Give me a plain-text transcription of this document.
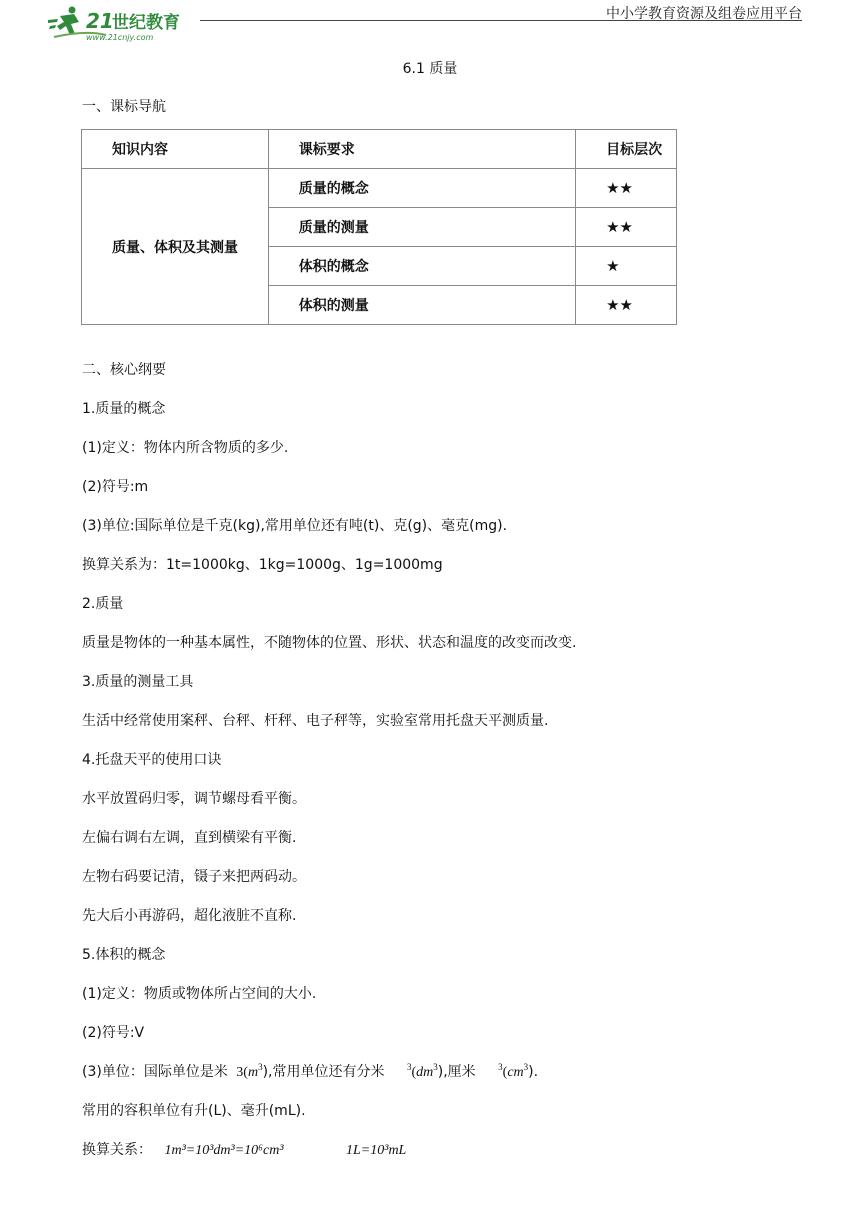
21
世纪教育
www.21cnjy.com
中小学教育资源及组卷应用平台
6.1 质量
一、课标导航
知识内容	课标要求	目标层次
质量、体积及其测量	质量的概念	★★
	质量的测量	★★
	体积的概念	★
	体积的测量	★★
二、核心纲要
1.质量的概念
(1)定义：物体内所含物质的多少.
(2)符号:m
(3)单位:国际单位是千克(kg),常用单位还有吨(t)、克(g)、毫克(mg).
换算关系为：1t=1000kg、1kg=1000g、1g=1000mg
2.质量
质量是物体的一种基本属性，不随物体的位置、形状、状态和温度的改变而改变.
3.质量的测量工具
生活中经常使用案秤、台秤、杆秤、电子秤等，实验室常用托盘天平测质量.
4.托盘天平的使用口诀
水平放置码归零，调节螺母看平衡。
左偏右调右左调，直到横梁有平衡.
左物右码要记清，镊子来把两码动。
先大后小再游码，超化液脏不直称.
5.体积的概念
(1)定义：物质或物体所占空间的大小.
(2)符号:V
(3)单位：国际单位是米 $3(m^3)$,常用单位还有分米 $^3(dm^3)$,厘米 $^3(cm^3)$.
常用的容积单位有升(L)、毫升(mL).
换算关系： 1m³=10³dm³=10⁶cm³	1L=10³mL
